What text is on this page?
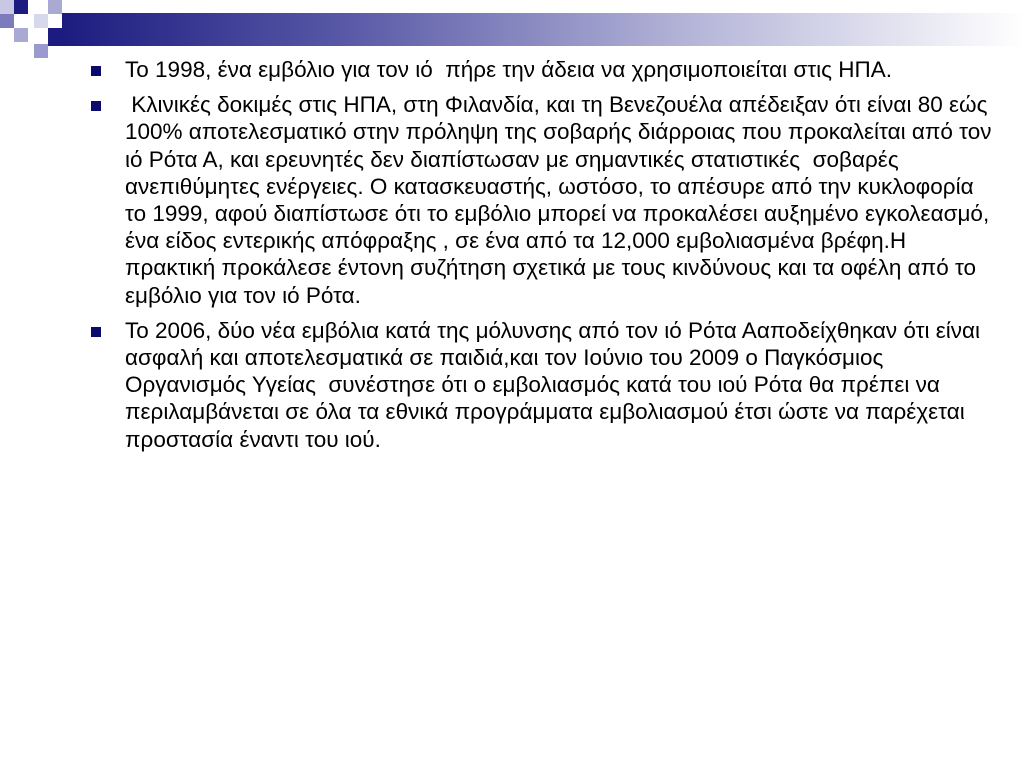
Το 1998, ένα εμβόλιο για τον ιό  πήρε την άδεια να χρησιμοποιείται στις ΗΠΑ.
Κλινικές δοκιμές στις ΗΠΑ, στη Φιλανδία, και τη Βενεζουέλα απέδειξαν ότι είναι 80 εώς 100% αποτελεσματικό στην πρόληψη της σοβαρής διάρροιας που προκαλείται από τον ιό Ρότα Α, και ερευνητές δεν διαπίστωσαν με σημαντικές στατιστικές  σοβαρές ανεπιθύμητες ενέργειες. Ο κατασκευαστής, ωστόσο, το απέσυρε από την κυκλοφορία το 1999, αφού διαπίστωσε ότι το εμβόλιο μπορεί να προκαλέσει αυξημένο εγκολεασμό, ένα είδος εντερικής απόφραξης , σε ένα από τα 12,000 εμβολιασμένα βρέφη.Η πρακτική προκάλεσε έντονη συζήτηση σχετικά με τους κινδύνους και τα οφέλη από το εμβόλιο για τον ιό Ρότα.
Το 2006, δύο νέα εμβόλια κατά της μόλυνσης από τον ιό Ρότα Ααποδείχθηκαν ότι είναι ασφαλή και αποτελεσματικά σε παιδιά,και τον Ιούνιο του 2009 ο Παγκόσμιος Οργανισμός Υγείας  συνέστησε ότι ο εμβολιασμός κατά του ιού Ρότα θα πρέπει να περιλαμβάνεται σε όλα τα εθνικά προγράμματα εμβολιασμού έτσι ώστε να παρέχεται προστασία έναντι του ιού.
